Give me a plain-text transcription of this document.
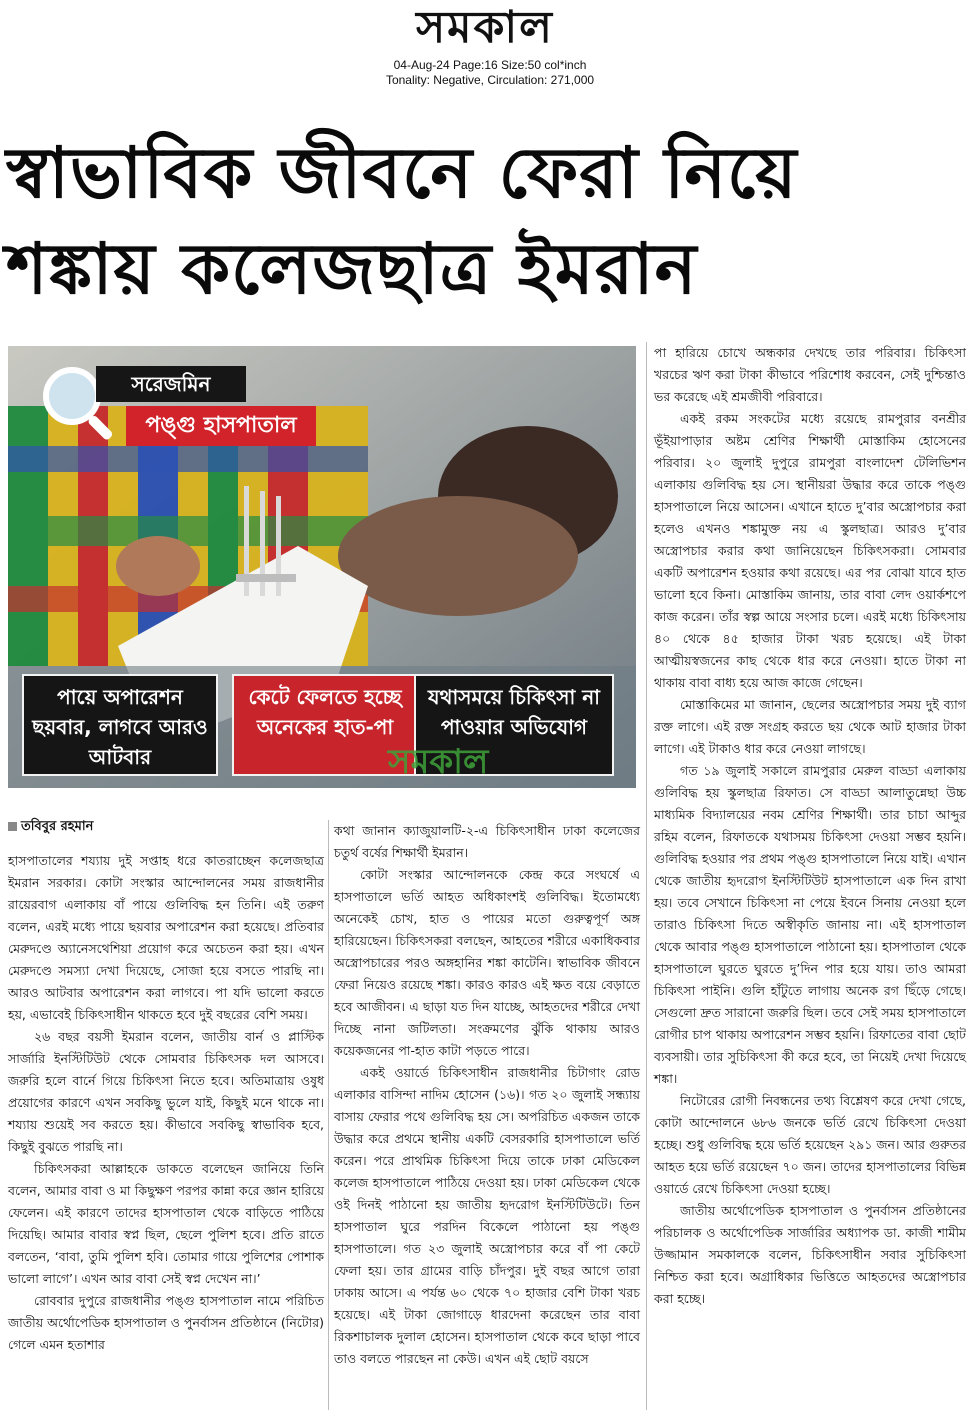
সমকাল
04-Aug-24 Page:16 Size:50 col*inch
Tonality: Negative, Circulation: 271,000
স্বাভাবিক জীবনে ফেরা নিয়ে
শঙ্কায় কলেজছাত্র ইমরান
সরেজমিন
পঙ্গু হাসপাতাল
পায়ে অপারেশন ছয়বার, লাগবে আরও আটবার
কেটে ফেলতে হচ্ছে অনেকের হাত-পা
যথাসময়ে চিকিৎসা না পাওয়ার অভিযোগ
সমকাল
তবিবুর রহমান

হাসপাতালের শয্যায় দুই সপ্তাহ ধরে কাতরাচ্ছেন কলেজছাত্র ইমরান সরকার। কোটা সংস্কার আন্দোলনের সময় রাজধানীর রায়েরবাগ এলাকায় বাঁ পায়ে গুলিবিদ্ধ হন তিনি। এই তরুণ বলেন, এরই মধ্যে পায়ে ছয়বার অপারেশন করা হয়েছে। প্রতিবার মেরুদণ্ডে অ্যানেসথেশিয়া প্রয়োগ করে অচেতন করা হয়। এখন মেরুদণ্ডে সমস্যা দেখা দিয়েছে, সোজা হয়ে বসতে পারছি না। আরও আটবার অপারেশন করা লাগবে। পা যদি ভালো করতে হয়, এভাবেই চিকিৎসাধীন থাকতে হবে দুই বছরের বেশি সময়।

২৬ বছর বয়সী ইমরান বলেন, জাতীয় বার্ন ও প্লাস্টিক সার্জারি ইনস্টিটিউট থেকে সোমবার চিকিৎসক দল আসবে। জরুরি হলে বার্নে গিয়ে চিকিৎসা নিতে হবে। অতিমাত্রায় ওষুধ প্রয়োগের কারণে এখন সবকিছু ভুলে যাই, কিছুই মনে থাকে না। শয্যায় শুয়েই সব করতে হয়। কীভাবে সবকিছু স্বাভাবিক হবে, কিছুই বুঝতে পারছি না।

চিকিৎসকরা আল্লাহকে ডাকতে বলেছেন জানিয়ে তিনি বলেন, আমার বাবা ও মা কিছুক্ষণ পরপর কান্না করে জ্ঞান হারিয়ে ফেলেন। এই কারণে তাদের হাসপাতাল থেকে বাড়িতে পাঠিয়ে দিয়েছি। আমার বাবার স্বপ্ন ছিল, ছেলে পুলিশ হবে। প্রতি রাতে বলতেন, ‘বাবা, তুমি পুলিশ হবি। তোমার গায়ে পুলিশের পোশাক ভালো লাগে’। এখন আর বাবা সেই স্বপ্ন দেখেন না।’

রোববার দুপুরে রাজধানীর পঙ্গু হাসপাতাল নামে পরিচিত জাতীয় অর্থোপেডিক হাসপাতাল ও পুনর্বাসন প্রতিষ্ঠানে (নিটোর) গেলে এমন হতাশার

কথা জানান ক্যাজুয়ালটি-২-এ চিকিৎসাধীন ঢাকা কলেজের চতুর্থ বর্ষের শিক্ষার্থী ইমরান।

কোটা সংস্কার আন্দোলনকে কেন্দ্র করে সংঘর্ষে এ হাসপাতালে ভর্তি আহত অধিকাংশই গুলিবিদ্ধ। ইতোমধ্যে অনেকেই চোখ, হাত ও পায়ের মতো গুরুত্বপূর্ণ অঙ্গ হারিয়েছেন। চিকিৎসকরা বলছেন, আহতের শরীরে একাধিকবার অস্ত্রোপচারের পরও অঙ্গহানির শঙ্কা কাটেনি। স্বাভাবিক জীবনে ফেরা নিয়েও রয়েছে শঙ্কা। কারও কারও এই ক্ষত বয়ে বেড়াতে হবে আজীবন। এ ছাড়া যত দিন যাচ্ছে, আহতদের শরীরে দেখা দিচ্ছে নানা জটিলতা। সংক্রমণের ঝুঁকি থাকায় আরও কয়েকজনের পা-হাত কাটা পড়তে পারে।

একই ওয়ার্ডে চিকিৎসাধীন রাজধানীর চিটাগাং রোড এলাকার বাসিন্দা নাদিম হোসেন (১৬)। গত ২০ জুলাই সন্ধ্যায় বাসায় ফেরার পথে গুলিবিদ্ধ হয় সে। অপরিচিত একজন তাকে উদ্ধার করে প্রথমে স্থানীয় একটি বেসরকারি হাসপাতালে ভর্তি করেন। পরে প্রাথমিক চিকিৎসা দিয়ে তাকে ঢাকা মেডিকেল কলেজ হাসপাতালে পাঠিয়ে দেওয়া হয়। ঢাকা মেডিকেল থেকে ওই দিনই পাঠানো হয় জাতীয় হৃদরোগ ইনস্টিটিউটে। তিন হাসপাতাল ঘুরে পরদিন বিকেলে পাঠানো হয় পঙ্গু হাসপাতালে। গত ২৩ জুলাই অস্ত্রোপচার করে বাঁ পা কেটে ফেলা হয়। তার গ্রামের বাড়ি চাঁদপুর। দুই বছর আগে তারা ঢাকায় আসে। এ পর্যন্ত ৬০ থেকে ৭০ হাজার বেশি টাকা খরচ হয়েছে। এই টাকা জোগাড়ে ধারদেনা করেছেন তার বাবা রিকশাচালক দুলাল হোসেন। হাসপাতাল থেকে কবে ছাড়া পাবে তাও বলতে পারছেন না কেউ। এখন এই ছোট বয়সে

পা হারিয়ে চোখে অন্ধকার দেখছে তার পরিবার। চিকিৎসা খরচের ঋণ করা টাকা কীভাবে পরিশোধ করবেন, সেই দুশ্চিন্তাও ভর করেছে এই শ্রমজীবী পরিবারে।

একই রকম সংকটের মধ্যে রয়েছে রামপুরার বনশ্রীর ভূঁইয়াপাড়ার অষ্টম শ্রেণির শিক্ষার্থী মোস্তাকিম হোসেনের পরিবার। ২০ জুলাই দুপুরে রামপুরা বাংলাদেশ টেলিভিশন এলাকায় গুলিবিদ্ধ হয় সে। স্থানীয়রা উদ্ধার করে তাকে পঙ্গু হাসপাতালে নিয়ে আসেন। এখানে হাতে দু’বার অস্ত্রোপচার করা হলেও এখনও শঙ্কামুক্ত নয় এ স্কুলছাত্র। আরও দু’বার অস্ত্রোপচার করার কথা জানিয়েছেন চিকিৎসকরা। সোমবার একটি অপারেশন হওয়ার কথা রয়েছে। এর পর বোঝা যাবে হাত ভালো হবে কিনা। মোস্তাকিম জানায়, তার বাবা লেদ ওয়ার্কশপে কাজ করেন। তাঁর স্বল্প আয়ে সংসার চলে। এরই মধ্যে চিকিৎসায় ৪০ থেকে ৪৫ হাজার টাকা খরচ হয়েছে। এই টাকা আত্মীয়স্বজনের কাছ থেকে ধার করে নেওয়া। হাতে টাকা না থাকায় বাবা বাধ্য হয়ে আজ কাজে গেছেন।

মোস্তাকিমের মা জানান, ছেলের অস্ত্রোপচার সময় দুই ব্যাগ রক্ত লাগে। এই রক্ত সংগ্রহ করতে ছয় থেকে আট হাজার টাকা লাগে। এই টাকাও ধার করে নেওয়া লাগছে।

গত ১৯ জুলাই সকালে রামপুরার মেরুল বাড্ডা এলাকায় গুলিবিদ্ধ হয় স্কুলছাত্র রিফাত। সে বাড্ডা আলাতুন্নেছা উচ্চ মাধ্যমিক বিদ্যালয়ের নবম শ্রেণির শিক্ষার্থী। তার চাচা আব্দুর রহিম বলেন, রিফাতকে যথাসময় চিকিৎসা দেওয়া সম্ভব হয়নি। গুলিবিদ্ধ হওয়ার পর প্রথম পঙ্গু হাসপাতালে নিয়ে যাই। এখান থেকে জাতীয় হৃদরোগ ইনস্টিটিউট হাসপাতালে এক দিন রাখা হয়। তবে সেখানে চিকিৎসা না পেয়ে ইবনে সিনায় নেওয়া হলে তারাও চিকিৎসা দিতে অস্বীকৃতি জানায় না। এই হাসপাতাল থেকে আবার পঙ্গু হাসপাতালে পাঠানো হয়। হাসপাতাল থেকে হাসপাতালে ঘুরতে ঘুরতে দু’দিন পার হয়ে যায়। তাও আমরা চিকিৎসা পাইনি। গুলি হাঁটুতে লাগায় অনেক রগ ছিঁড়ে গেছে। সেগুলো দ্রুত সারানো জরুরি ছিল। তবে সেই সময় হাসপাতালে রোগীর চাপ থাকায় অপারেশন সম্ভব হয়নি। রিফাতের বাবা ছোট ব্যবসায়ী। তার সুচিকিৎসা কী করে হবে, তা নিয়েই দেখা দিয়েছে শঙ্কা।

নিটোরের রোগী নিবন্ধনের তথ্য বিশ্লেষণ করে দেখা গেছে, কোটা আন্দোলনে ৬৮৬ জনকে ভর্তি রেখে চিকিৎসা দেওয়া হচ্ছে। শুধু গুলিবিদ্ধ হয়ে ভর্তি হয়েছেন ২৯১ জন। আর গুরুতর আহত হয়ে ভর্তি রয়েছেন ৭০ জন। তাদের হাসপাতালের বিভিন্ন ওয়ার্ডে রেখে চিকিৎসা দেওয়া হচ্ছে।

জাতীয় অর্থোপেডিক হাসপাতাল ও পুনর্বাসন প্রতিষ্ঠানের পরিচালক ও অর্থোপেডিক সার্জারির অধ্যাপক ডা. কাজী শামীম উজ্জামান সমকালকে বলেন, চিকিৎসাধীন সবার সুচিকিৎসা নিশ্চিত করা হবে। অগ্রাধিকার ভিত্তিতে আহতদের অস্ত্রোপচার করা হচ্ছে।
